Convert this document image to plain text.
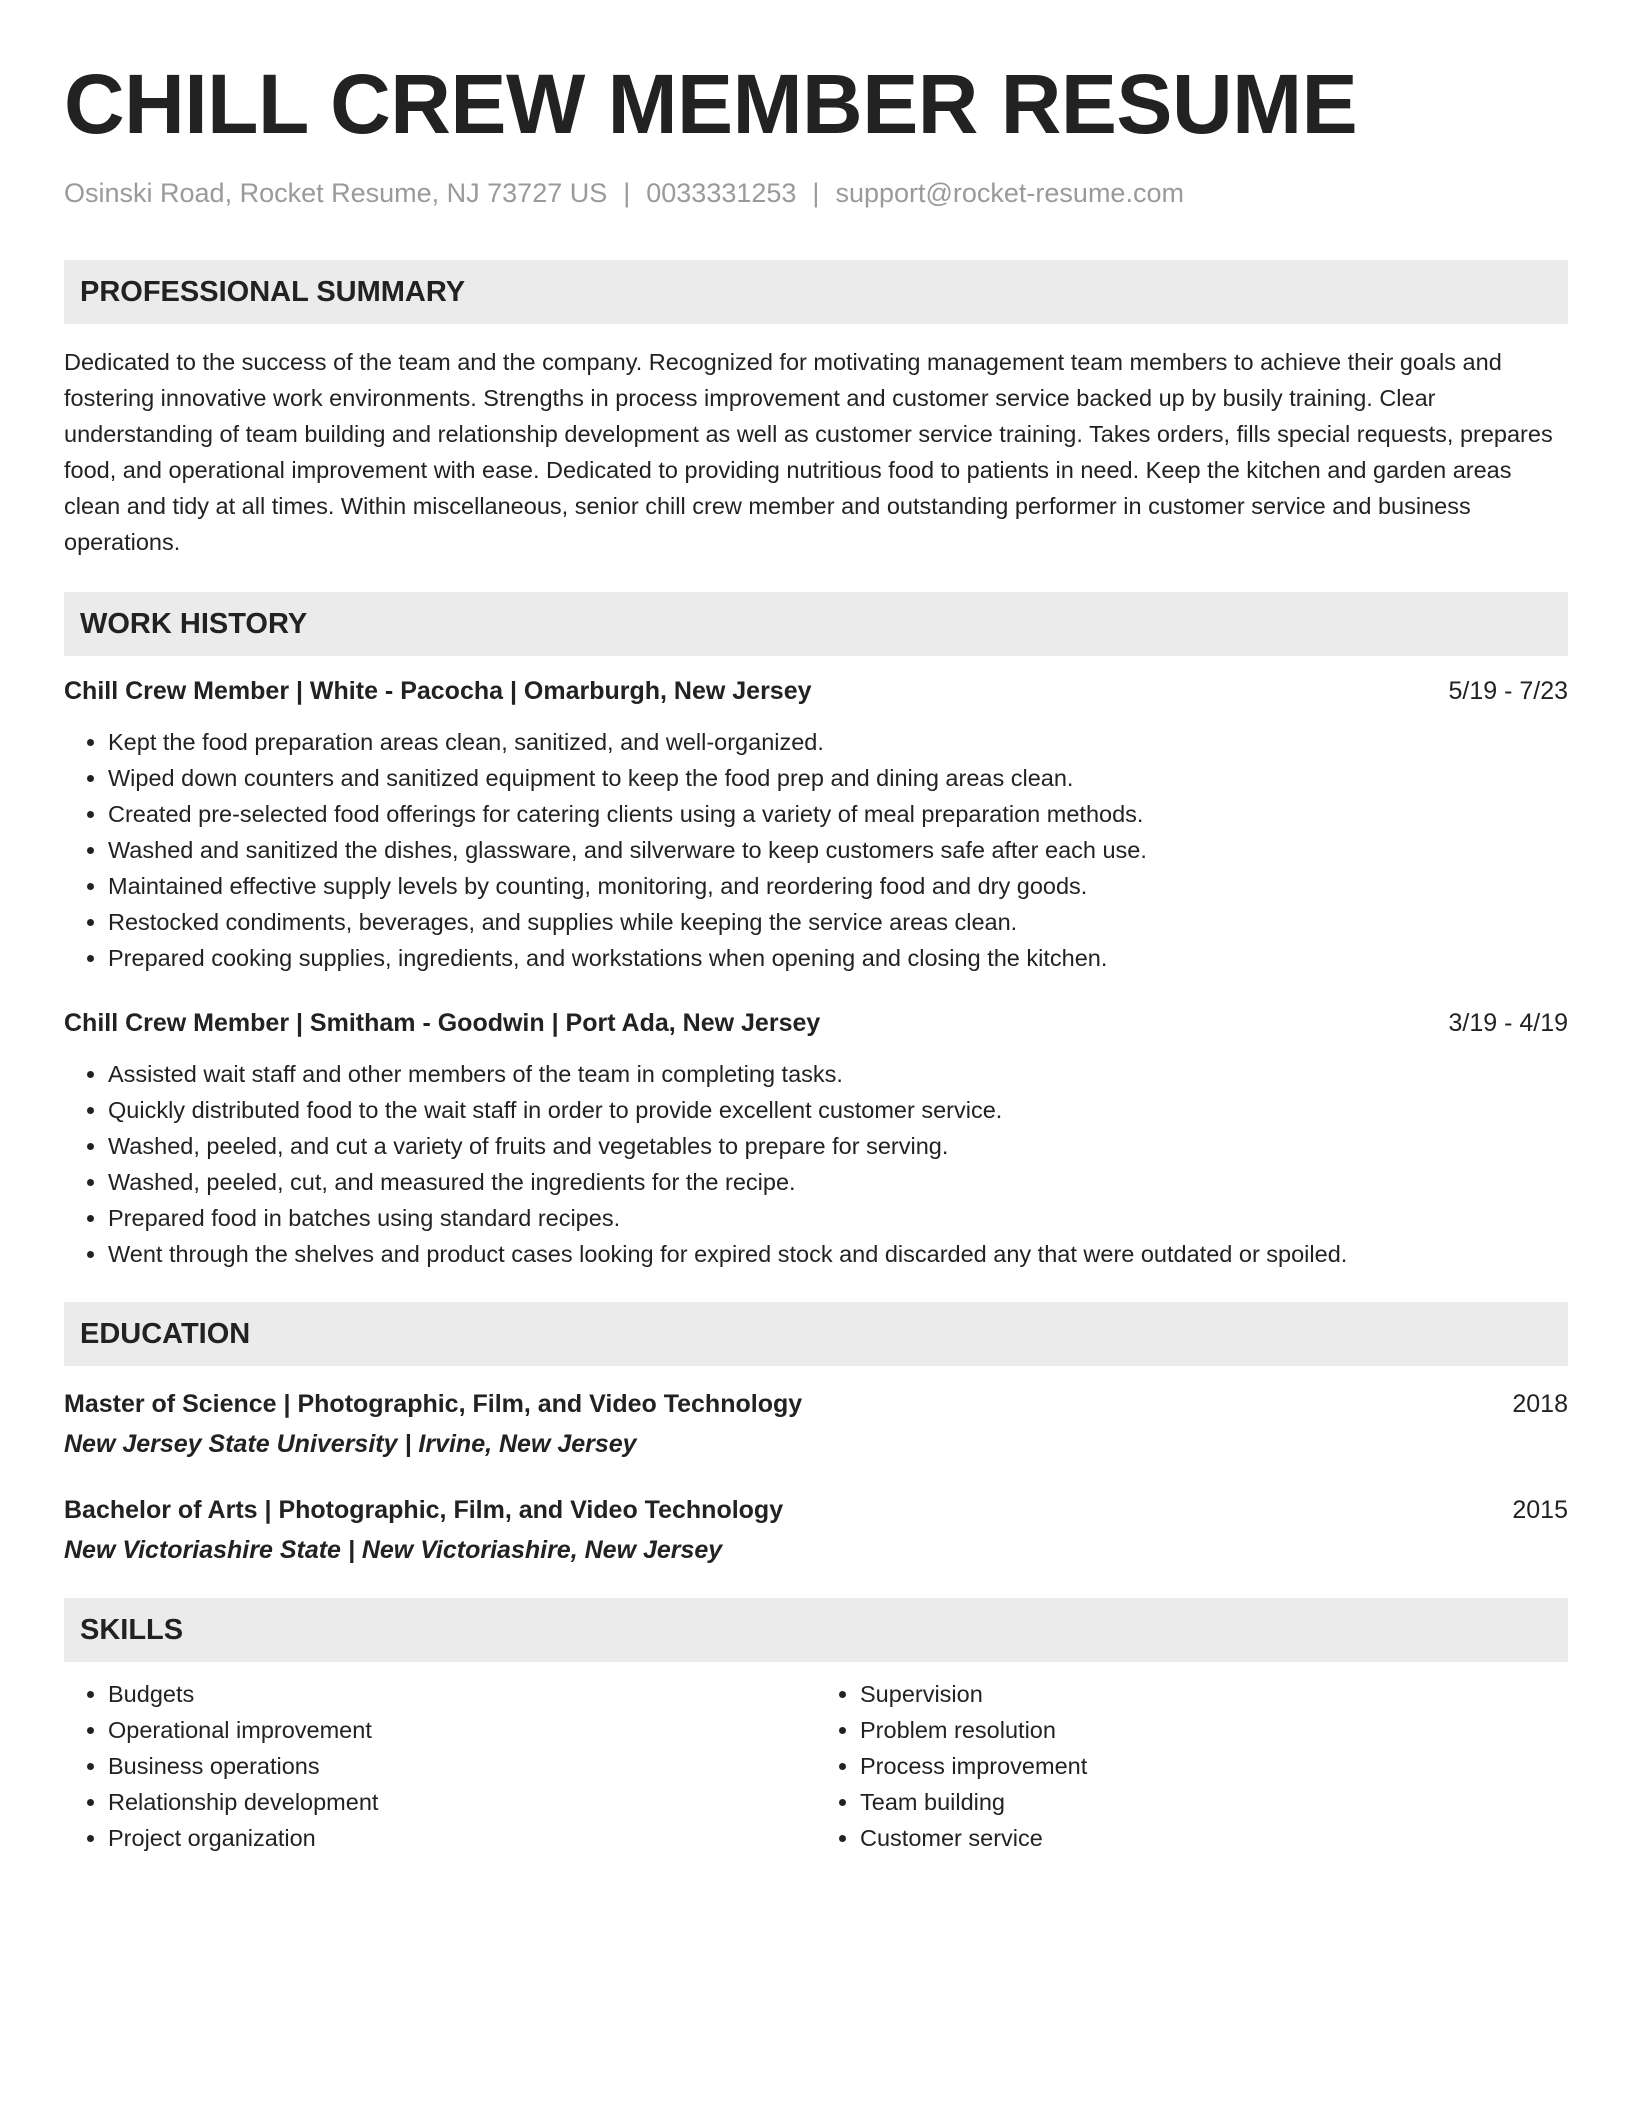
CHILL CREW MEMBER RESUME
Osinski Road, Rocket Resume, NJ 73727 US | 0033331253 | support@rocket-resume.com
PROFESSIONAL SUMMARY

Dedicated to the success of the team and the company. Recognized for motivating management team members to achieve their goals and fostering innovative work environments. Strengths in process improvement and customer service backed up by busily training. Clear understanding of team building and relationship development as well as customer service training. Takes orders, fills special requests, prepares food, and operational improvement with ease. Dedicated to providing nutritious food to patients in need. Keep the kitchen and garden areas clean and tidy at all times. Within miscellaneous, senior chill crew member and outstanding performer in customer service and business operations.

WORK HISTORY
Chill Crew Member | White - Pacocha | Omarburgh, New Jersey	5/19 - 7/23
• Kept the food preparation areas clean, sanitized, and well-organized.
• Wiped down counters and sanitized equipment to keep the food prep and dining areas clean.
• Created pre-selected food offerings for catering clients using a variety of meal preparation methods.
• Washed and sanitized the dishes, glassware, and silverware to keep customers safe after each use.
• Maintained effective supply levels by counting, monitoring, and reordering food and dry goods.
• Restocked condiments, beverages, and supplies while keeping the service areas clean.
• Prepared cooking supplies, ingredients, and workstations when opening and closing the kitchen.
Chill Crew Member | Smitham - Goodwin | Port Ada, New Jersey	3/19 - 4/19
• Assisted wait staff and other members of the team in completing tasks.
• Quickly distributed food to the wait staff in order to provide excellent customer service.
• Washed, peeled, and cut a variety of fruits and vegetables to prepare for serving.
• Washed, peeled, cut, and measured the ingredients for the recipe.
• Prepared food in batches using standard recipes.
• Went through the shelves and product cases looking for expired stock and discarded any that were outdated or spoiled.
EDUCATION
Master of Science | Photographic, Film, and Video Technology	2018
New Jersey State University | Irvine, New Jersey
Bachelor of Arts | Photographic, Film, and Video Technology	2015
New Victoriashire State | New Victoriashire, New Jersey
SKILLS
• Budgets
• Operational improvement
• Business operations
• Relationship development
• Project organization
• Supervision
• Problem resolution
• Process improvement
• Team building
• Customer service
